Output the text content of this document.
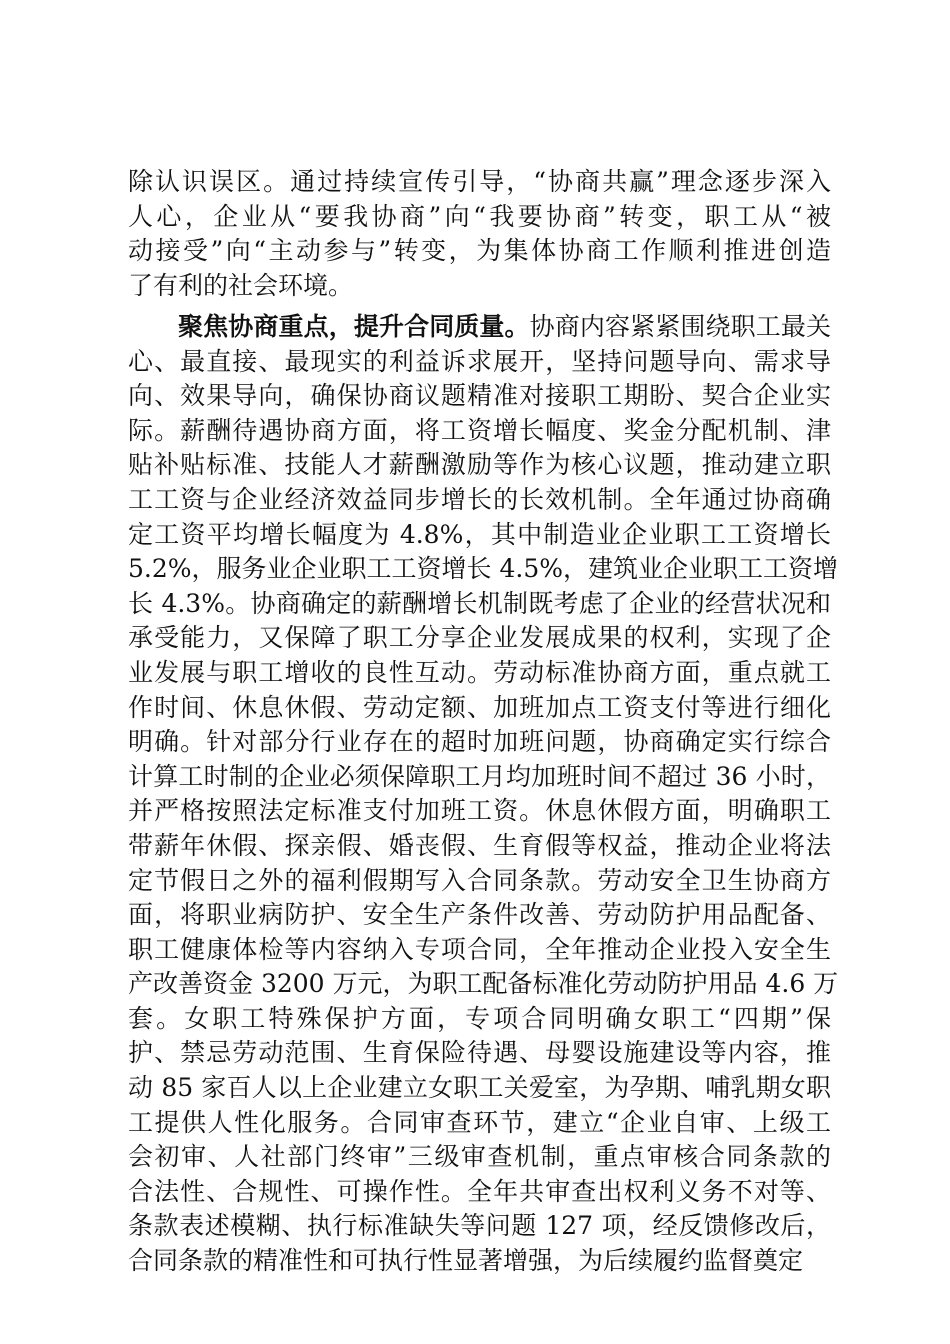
除认识误区。通过持续宣传引导，“协商共赢”理念逐步深入
人心，企业从“要我协商”向“我要协商”转变，职工从“被
动接受”向“主动参与”转变，为集体协商工作顺利推进创造
了有利的社会环境。
聚焦协商重点，提升合同质量。协商内容紧紧围绕职工最关
心、最直接、最现实的利益诉求展开，坚持问题导向、需求导
向、效果导向，确保协商议题精准对接职工期盼、契合企业实
际。薪酬待遇协商方面，将工资增长幅度、奖金分配机制、津
贴补贴标准、技能人才薪酬激励等作为核心议题，推动建立职
工工资与企业经济效益同步增长的长效机制。全年通过协商确
定工资平均增长幅度为 4.8%，其中制造业企业职工工资增长
5.2%，服务业企业职工工资增长 4.5%，建筑业企业职工工资增
长 4.3%。协商确定的薪酬增长机制既考虑了企业的经营状况和
承受能力，又保障了职工分享企业发展成果的权利，实现了企
业发展与职工增收的良性互动。劳动标准协商方面，重点就工
作时间、休息休假、劳动定额、加班加点工资支付等进行细化
明确。针对部分行业存在的超时加班问题，协商确定实行综合
计算工时制的企业必须保障职工月均加班时间不超过 36 小时，
并严格按照法定标准支付加班工资。休息休假方面，明确职工
带薪年休假、探亲假、婚丧假、生育假等权益，推动企业将法
定节假日之外的福利假期写入合同条款。劳动安全卫生协商方
面，将职业病防护、安全生产条件改善、劳动防护用品配备、
职工健康体检等内容纳入专项合同，全年推动企业投入安全生
产改善资金 3200 万元，为职工配备标准化劳动防护用品 4.6 万
套。女职工特殊保护方面，专项合同明确女职工“四期”保
护、禁忌劳动范围、生育保险待遇、母婴设施建设等内容，推
动 85 家百人以上企业建立女职工关爱室，为孕期、哺乳期女职
工提供人性化服务。合同审查环节，建立“企业自审、上级工
会初审、人社部门终审”三级审查机制，重点审核合同条款的
合法性、合规性、可操作性。全年共审查出权利义务不对等、
条款表述模糊、执行标准缺失等问题 127 项，经反馈修改后，
合同条款的精准性和可执行性显著增强，为后续履约监督奠定
